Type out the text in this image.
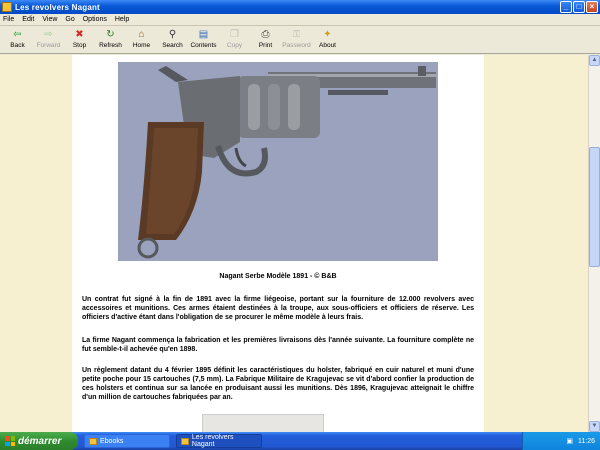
Les revolvers Nagant	_	□	×
File Edit View Go Options Help
⇦
Back
⇨
Forward
✖
Stop
↻
Refresh
⌂
Home
⚲
Search
▤
Contents
❐
Copy
⎙
Print
⚿
Password
✦
About
Nagant Serbe Modèle 1891 - © B&B

Un contrat fut signé à la fin de 1891 avec la firme liégeoise, portant sur la fourniture de 12.000 revolvers avec accessoires et munitions. Ces armes étaient destinées à la troupe, aux sous-officiers et officiers de réserve. Les officiers d'active étant dans l'obligation de se procurer le même modèle à leurs frais.

La firme Nagant commença la fabrication et les premières livraisons dès l'année suivante. La fourniture complète ne fut semble-t-il achevée qu'en 1898.

Un règlement datant du 4 février 1895 définit les caractéristiques du holster, fabriqué en cuir naturel et muni d'une petite poche pour 15 cartouches (7,5 mm). La Fabrique Militaire de Kragujevac se vit d'abord confier la production de ces holsters et continua sur sa lancée en produisant aussi les munitions. Dès 1896, Kragujevac atteignait le chiffre d'un million de cartouches fabriquées par an.

▲
▼
démarrer	Ebooks	Les revolvers Nagant	▣ 11:26
